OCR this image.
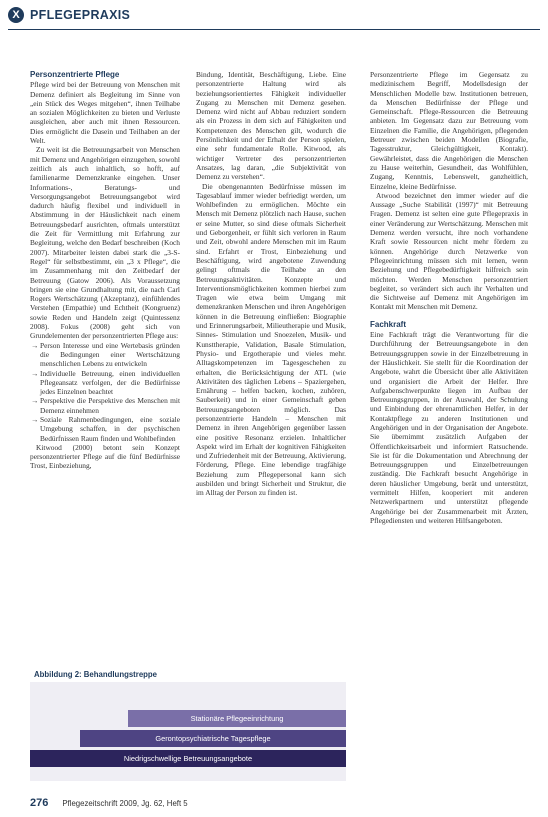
X PFLEGEPRAXIS
Personzentrierte Pflege

Pflege wird bei der Betreuung von Menschen mit Demenz definiert als Begleitung im Sinne von „ein Stück des Weges mitgehen“, ihnen Teilhabe an sozialen Möglichkeiten zu bieten und Verluste ausgleichen, aber auch mit ihnen Ressourcen. Dies ermöglicht die Dasein und Teilhaben an der Welt.

Zu weit ist die Betreuungsarbeit von Menschen mit Demenz und Angehörigen einzugehen, sowohl zeitlich als auch inhaltlich, so hofft, auf familienarme Demenzkranke eingehen. Unser Informations-, Beratungs- und Versorgungsangebot Betreuungsangebot wird dadurch häufig flexibel und individuell in Abstimmung in der Häuslichkeit nach einem Betreuungsbedarf ausrichten, oftmals unterstützt die Zeit für Vermittlung mit Erfahrung zur Begleitung, welche den Bedarf beschreiben (Koch 2007). Mitarbeiter leisten dabei stark die „3-S-Regel“ für selbstbestimmt, ein „3 x Pflege“, die im Zusammenhang mit den Zeitbedarf der Betreuung (Gatow 2006). Als Voraussetzung bringen sie eine Grundhaltung mit, die nach Carl Rogers Wertschätzung (Akzeptanz), einfühlendes Verstehen (Empathie) und Echtheit (Kongruenz) sowie Reden und Handeln zeigt (Quintessenz 2008). Fokus (2008) geht sich von Grundelementen der personzentrierten Pflege aus:

→ Person Interesse und eine Wertebasis gründen die Bedingungen einer Wertschätzung menschlichen Lebens zu entwickeln
→ Individuelle Betreuung, einen individuellen Pflegeansatz verfolgen, der die Bedürfnisse jedes Einzelnen beachtet
→ Perspektive die Perspektive des Menschen mit Demenz einnehmen
→ Soziale Rahmenbedingungen, eine soziale Umgebung schaffen, in der psychischen Bedürfnissen Raum finden und Wohlbefinden

Kitwood (2000) betont sein Konzept personzentrierter Pflege auf die fünf Bedürfnisse Trost, Einbeziehung,

Bindung, Identität, Beschäftigung, Liebe. Eine personzentrierte Haltung wird als beziehungsorientiertes Fähigkeit individueller Zugang zu Menschen mit Demenz gesehen. Demenz wird nicht auf Abbau reduziert sondern als ein Prozess in dem sich auf Fähigkeiten und Kompetenzen des Menschen gilt, wodurch die Persönlichkeit und der Erhalt der Person spielen, eine sehr fundamentale Rolle. Kitwood, als wichtiger Vertreter des personzentrierten Ansatzes, lag daran, „die Subjektivität von Demenz zu verstehen“.

Die obengenannten Bedürfnisse müssen im Tagesablauf immer wieder befriedigt werden, um Wohlbefinden zu ermöglichen. Möchte ein Mensch mit Demenz plötzlich nach Hause, suchen er seine Mutter, so sind diese oftmals Sicherheit und Geborgenheit, er fühlt sich verloren in Raum und Zeit, obwohl andere Menschen mit im Raum sind. Erfahrt er Trost, Einbeziehung und Beschäftigung, wird angebotene Zuwendung gelingt oftmals die Teilhabe an den Betreuungsaktivitäten. Konzepte und Interventionsmöglichkeiten kommen hierbei zum Tragen wie etwa beim Umgang mit demenzkranken Menschen und ihren Angehörigen können in die Betreuung einfließen: Biographie und Erinnerungsarbeit, Milieutherapie und Musik, Sinnes- Stimulation und Snoezelen, Musik- und Kunsttherapie, Validation, Basale Stimulation, Physio- und Ergotherapie und vieles mehr. Alltagskompetenzen im Tagesgeschehen zu erhalten, die Berücksichtigung der ATL (wie Aktivitäten des täglichen Lebens – Spaziergehen, Ernährung – helfen backen, kochen, zuhören, Sauberkeit) und in einer Gemeinschaft geben Betreuungsangeboten möglich. Das personzentrierte Handeln – Menschen mit Demenz in ihren Angehörigen gegenüber lassen eine positive Resonanz erzielen. Inhaltlicher Aspekt wird im Erhalt der kognitiven Fähigkeiten und Zufriedenheit mit der Betreuung, Aktivierung, Förderung, Pflege. Eine lebendige tragfähige Beziehung zum Pflegepersonal kann sich ausbilden und bringt Sicherheit und Struktur, die im Alltag der Person zu finden ist.

Personzentrierte Pflege im Gegensatz zu medizinischem Begriff, Modellsdesign der Menschlichen Modelle bzw. Institutionen betreuen, da Menschen Bedürfnisse der Pflege und Gemeinschaft. Pflege-Ressourcen die Betreuung anbieten. Im Gegensatz dazu zur Betreuung vom Einzelnen die Familie, die Angehörigen, pflegenden Betreuer zwischen beiden Modellen (Biografie, Tagesstruktur, Gleichgültigkeit, Kontakt). Gewährleistet, dass die Angehörigen die Menschen zu Hause weiterhin, Gesundheit, das Wohlfühlen, Zugang, Kenntnis, Lebenswelt, ganzheitlich, Einzelne, kleine Bedürfnisse.

Atwood bezeichnet den immer wieder auf die Aussage „Suche Stabilität (1997)“ mit Betreuung Fragen. Demenz ist selten eine gute Pflegepraxis in einer Veränderung zur Wertschätzung. Menschen mit Demenz werden versucht, ihre noch vorhandene Kraft sowie Ressourcen nicht mehr fördern zu können. Angehörige durch Netzwerke von Pflegeeinrichtung müssen sich mit lernen, wenn Beziehung und Pflegebedürftigkeit hilfreich sein möchten. Werden Menschen personzentriert begleitet, so verändert sich auch ihr Verhalten und die Sichtweise auf Demenz mit Angehörigen im Kontakt mit Menschen mit Demenz.

Fachkraft

Eine Fachkraft trägt die Verantwortung für die Durchführung der Betreuungsangebote in den Betreuungsgruppen sowie in der Einzelbetreuung in der Häuslichkeit. Sie stellt für die Koordination der Angebote, wahrt die Übersicht über alle Aktivitäten und organisiert die Arbeit der Helfer. Ihre Aufgabenschwerpunkte liegen im Aufbau der Betreuungsgruppen, in der Auswahl, der Schulung und Einbindung der ehrenamtlichen Helfer, in der Kontaktpflege zu anderen Institutionen und Angehörigen und in der Organisation der Angebote. Sie übernimmt zusätzlich Aufgaben der Öffentlichkeitsarbeit und informiert Ratsuchende. Sie ist für die Dokumentation und Abrechnung der Betreuungsgruppen und Einzelbetreuungen zuständig. Die Fachkraft besucht Angehörige in deren häuslicher Umgebung, berät und unterstützt, vermittelt Hilfen, kooperiert mit anderen Netzwerkpartnern und unterstützt pflegende Angehörige bei der Zusammenarbeit mit Ärzten, Pflegediensten und weiteren Hilfsangeboten.

Abbildung 2: Behandlungstreppe
Stationäre Pflegeeinrichtung
Gerontopsychiatrische Tagespflege
Niedrigschwellige Betreuungsangebote
276 Pflegezeitschrift 2009, Jg. 62, Heft 5
